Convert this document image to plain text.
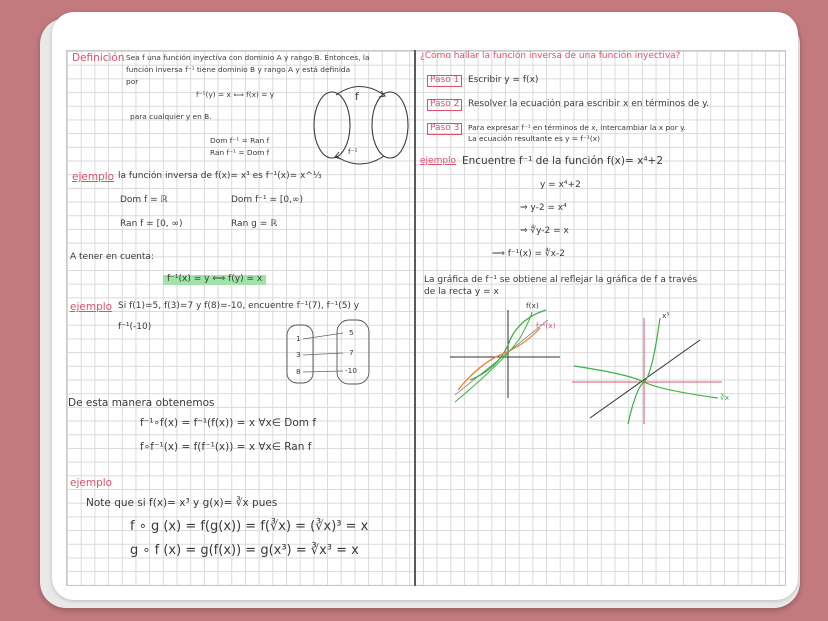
Definición Sea f una función inyectiva con dominio A y rango B. Entonces, la
función inversa f⁻¹ tiene dominio B y rango A y está definida
por
f⁻¹(y) = x ⟺ f(x) = y
para cualquier y en B.
Dom f⁻¹ = Ran f
Ran f⁻¹ = Dom f
f
f⁻¹
ejemplo la función inversa de f(x)= x³ es f⁻¹(x)= x^⅓
Dom f = ℝ	Dom f⁻¹ = [0,∞)
Ran f = [0, ∞)	Ran g = ℝ
A tener en cuenta:
f⁻¹(x) = y ⟺ f(y) = x
ejemplo Si f(1)=5, f(3)=7 y f(8)=-10, encuentre f⁻¹(7), f⁻¹(5) y
f⁻¹(-10)
1
3
8
5
7
-10
De esta manera obtenemos
f⁻¹∘f(x) = f⁻¹(f(x)) = x ∀x∈ Dom f
f∘f⁻¹(x) = f(f⁻¹(x)) = x ∀x∈ Ran f
ejemplo
Note que si f(x)= x³ y g(x)= ∛x pues
f ∘ g (x) = f(g(x)) = f(∛x) = (∛x)³ = x
g ∘ f (x) = g(f(x)) = g(x³) = ∛x³ = x
¿Cómo hallar la función inversa de una función inyectiva?
Paso 1 Escribir y = f(x)
Paso 2 Resolver la ecuación para escribir x en términos de y.
Paso 3	Para expresar f⁻¹ en términos de x, intercambiar la x por y.
La ecuación resultante es y = f⁻¹(x)
ejemplo Encuentre f⁻¹ de la función f(x)= x⁴+2
y = x⁴+2
⇒ y-2 = x⁴
⇒ ∜y-2 = x
⟹ f⁻¹(x) = ∜x-2
La gráfica de f⁻¹ se obtiene al reflejar la gráfica de f a través
de la recta y = x
f(x)
f⁻¹(x)
x³
∛x
